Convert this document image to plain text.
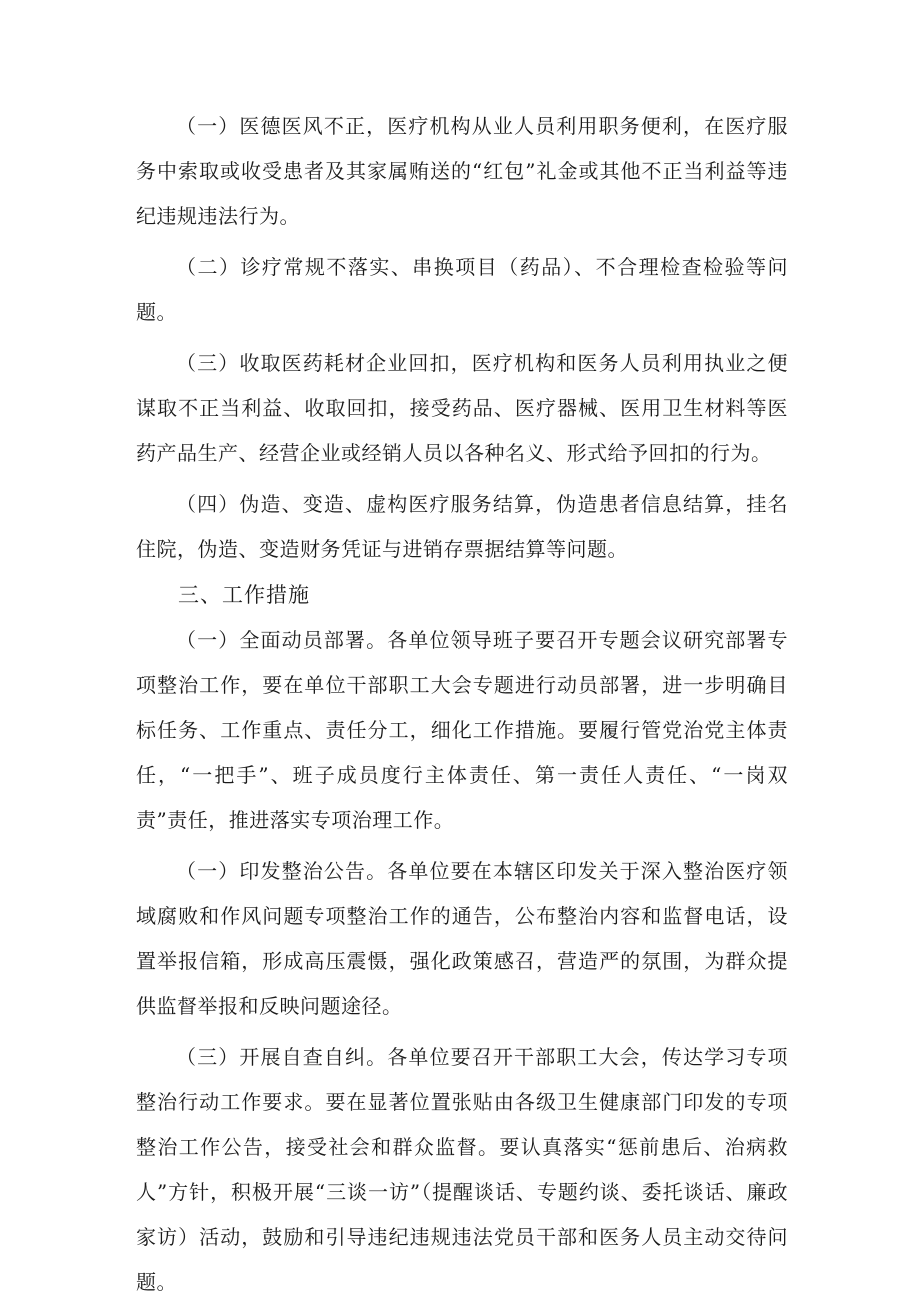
（一）医德医风不正，医疗机构从业人员利用职务便利，在医疗服务中索取或收受患者及其家属贿送的“红包”礼金或其他不正当利益等违纪违规违法行为。

（二）诊疗常规不落实、串换项目（药品）、不合理检查检验等问题。

（三）收取医药耗材企业回扣，医疗机构和医务人员利用执业之便谋取不正当利益、收取回扣，接受药品、医疗器械、医用卫生材料等医药产品生产、经营企业或经销人员以各种名义、形式给予回扣的行为。

（四）伪造、变造、虚构医疗服务结算，伪造患者信息结算，挂名住院，伪造、变造财务凭证与进销存票据结算等问题。

三、工作措施

（一）全面动员部署。各单位领导班子要召开专题会议研究部署专项整治工作，要在单位干部职工大会专题进行动员部署，进一步明确目标任务、工作重点、责任分工，细化工作措施。要履行管党治党主体责任，“一把手”、班子成员度行主体责任、第一责任人责任、“一岗双责”责任，推进落实专项治理工作。

（一）印发整治公告。各单位要在本辖区印发关于深入整治医疗领域腐败和作风问题专项整治工作的通告，公布整治内容和监督电话，设置举报信箱，形成高压震慑，强化政策感召，营造严的氛围，为群众提供监督举报和反映问题途径。

（三）开展自查自纠。各单位要召开干部职工大会，传达学习专项整治行动工作要求。要在显著位置张贴由各级卫生健康部门印发的专项整治工作公告，接受社会和群众监督。要认真落实“惩前患后、治病救人”方针，积极开展“三谈一访”（提醒谈话、专题约谈、委托谈话、廉政家访）活动，鼓励和引导违纪违规违法党员干部和医务人员主动交待问题。
